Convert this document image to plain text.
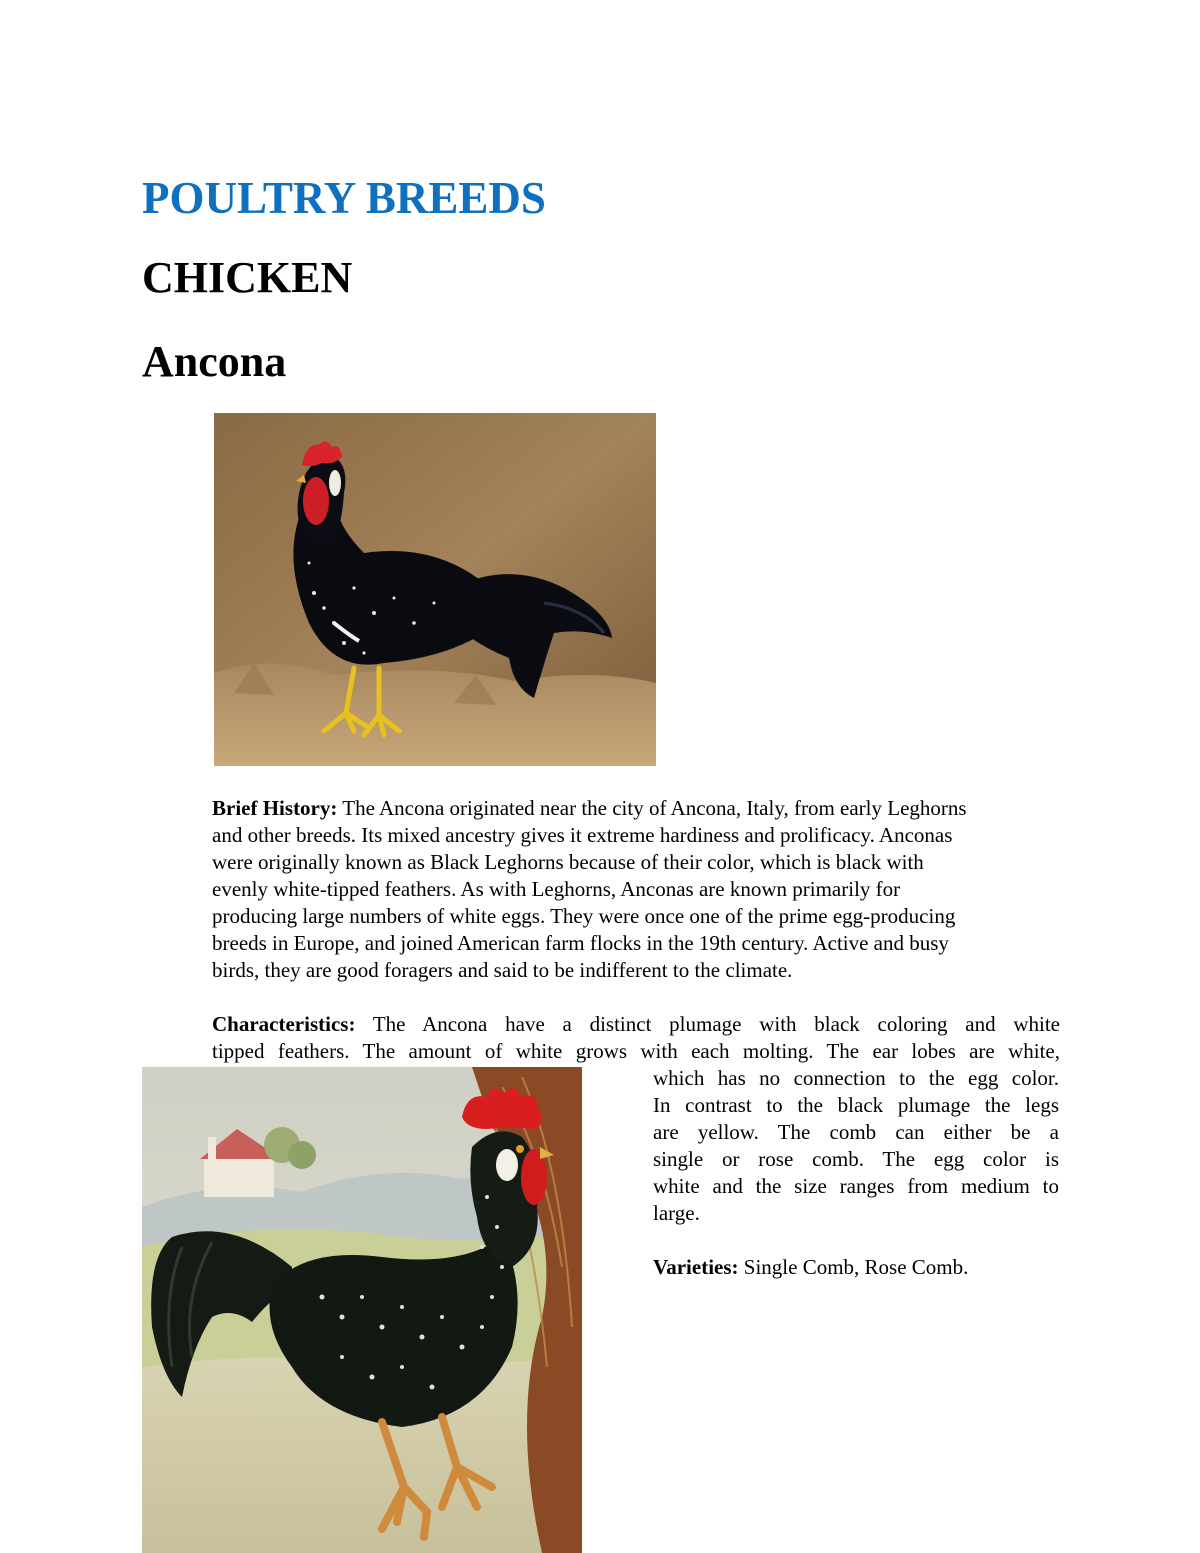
POULTRY BREEDS
CHICKEN
Ancona

Brief History: The Ancona originated near the city of Ancona, Italy, from early Leghorns
and other breeds. Its mixed ancestry gives it extreme hardiness and prolificacy. Anconas
were originally known as Black Leghorns because of their color, which is black with
evenly white-tipped feathers. As with Leghorns, Anconas are known primarily for
producing large numbers of white eggs. They were once one of the prime egg-producing
breeds in Europe, and joined American farm flocks in the 19th century. Active and busy
birds, they are good foragers and said to be indifferent to the climate.

Characteristics: The Ancona have a distinct plumage with black coloring and white
tipped feathers. The amount of white grows with each molting. The ear lobes are white,

which has no connection to the egg color.
In contrast to the black plumage the legs
are yellow. The comb can either be a
single or rose comb. The egg color is
white and the size ranges from medium to
large.

Varieties: Single Comb, Rose Comb.
